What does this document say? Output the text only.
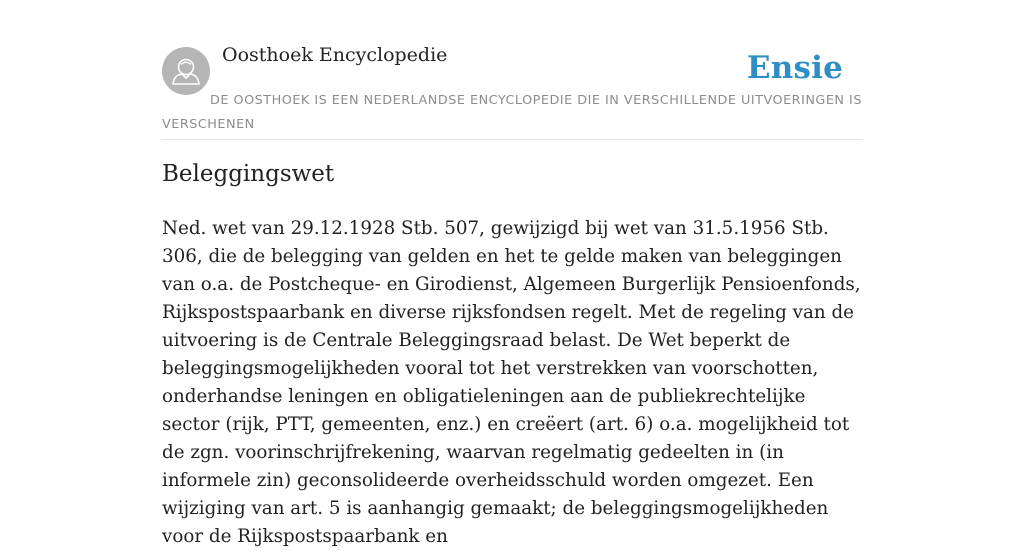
Oosthoek Encyclopedie	Ensie
DE OOSTHOEK IS EEN NEDERLANDSE ENCYCLOPEDIE DIE IN VERSCHILLENDE UITVOERINGEN IS VERSCHENEN
Beleggingswet

Ned. wet van 29.12.1928 Stb. 507, gewijzigd bij wet van 31.5.1956 Stb. 306, die de belegging van gelden en het te gelde maken van beleggingen van o.a. de Postcheque- en Girodienst, Algemeen Burgerlijk Pensioenfonds, Rijkspostspaarbank en diverse rijksfondsen regelt. Met de regeling van de uitvoering is de Centrale Beleggingsraad belast. De Wet beperkt de beleggingsmogelijkheden vooral tot het verstrekken van voorschotten, onderhandse leningen en obligatieleningen aan de publiekrechtelijke sector (rijk, PTT, gemeenten, enz.) en creëert (art. 6) o.a. mogelijkheid tot de zgn. voorinschrijfrekening, waarvan regelmatig gedeelten in (in informele zin) geconsolideerde overheidsschuld worden omgezet. Een wijziging van art. 5 is aanhangig gemaakt; de beleggingsmogelijkheden voor de Rijkspostspaarbank en
